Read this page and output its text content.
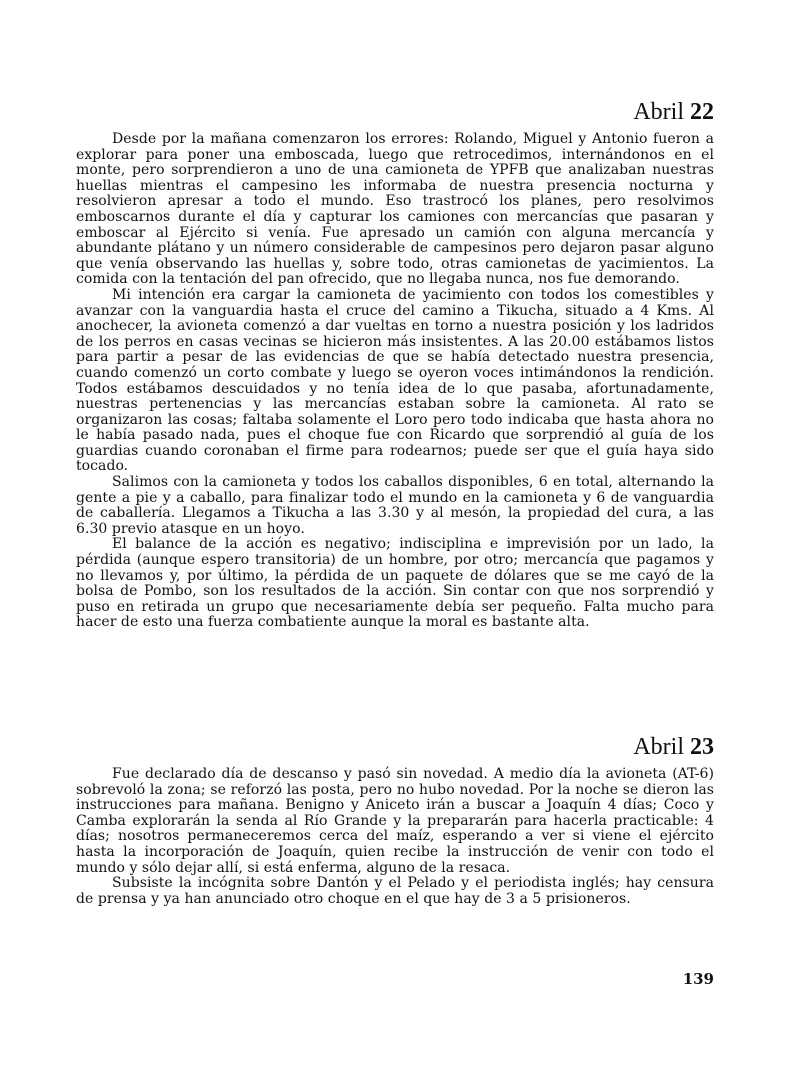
Abril 22

Desde por la mañana comenzaron los errores: Rolando, Miguel y Antonio fueron a explorar para poner una emboscada, luego que retrocedimos, internándonos en el monte, pero sorprendieron a uno de una camioneta de YPFB que analizaban nuestras huellas mientras el campesino les informaba de nuestra presencia nocturna y resolvieron apresar a todo el mundo. Eso trastrocó los planes, pero resolvimos emboscarnos durante el día y capturar los camiones con mercancías que pasaran y emboscar al Ejército si venía. Fue apresado un camión con alguna mercancía y abundante plátano y un número considerable de campesinos pero dejaron pasar alguno que venía observando las huellas y, sobre todo, otras camionetas de yacimientos. La comida con la tentación del pan ofrecido, que no llegaba nunca, nos fue demorando.

Mi intención era cargar la camioneta de yacimiento con todos los comestibles y avanzar con la vanguardia hasta el cruce del camino a Tikucha, situado a 4 Kms. Al anochecer, la avioneta comenzó a dar vueltas en torno a nuestra posición y los ladridos de los perros en casas vecinas se hicieron más insistentes. A las 20.00 estábamos listos para partir a pesar de las evidencias de que se había detectado nuestra presencia, cuando comenzó un corto combate y luego se oyeron voces intimándonos la rendición. Todos estábamos descuidados y no tenía idea de lo que pasaba, afortunadamente, nuestras pertenencias y las mercancías estaban sobre la camioneta. Al rato se organizaron las cosas; faltaba solamente el Loro pero todo indicaba que hasta ahora no le había pasado nada, pues el choque fue con Ricardo que sorprendió al guía de los guardias cuando coronaban el firme para rodearnos; puede ser que el guía haya sido tocado.

Salimos con la camioneta y todos los caballos disponibles, 6 en total, alternando la gente a pie y a caballo, para finalizar todo el mundo en la camioneta y 6 de vanguardia de caballería. Llegamos a Tikucha a las 3.30 y al mesón, la propiedad del cura, a las 6.30 previo atasque en un hoyo.

El balance de la acción es negativo; indisciplina e imprevisión por un lado, la pérdida (aunque espero transitoria) de un hombre, por otro; mercancía que pagamos y no llevamos y, por último, la pérdida de un paquete de dólares que se me cayó de la bolsa de Pombo, son los resultados de la acción. Sin contar con que nos sorprendió y puso en retirada un grupo que necesariamente debía ser pequeño. Falta mucho para hacer de esto una fuerza combatiente aunque la moral es bastante alta.

Abril 23

Fue declarado día de descanso y pasó sin novedad. A medio día la avioneta (AT-6) sobrevoló la zona; se reforzó las posta, pero no hubo novedad. Por la noche se dieron las instrucciones para mañana. Benigno y Aniceto irán a buscar a Joaquín 4 días; Coco y Camba explorarán la senda al Río Grande y la prepararán para hacerla practicable: 4 días; nosotros permaneceremos cerca del maíz, esperando a ver si viene el ejército hasta la incorporación de Joaquín, quien recibe la instrucción de venir con todo el mundo y sólo dejar allí, si está enferma, alguno de la resaca.

Subsiste la incógnita sobre Dantón y el Pelado y el periodista inglés; hay censura de prensa y ya han anunciado otro choque en el que hay de 3 a 5 prisioneros.

139
